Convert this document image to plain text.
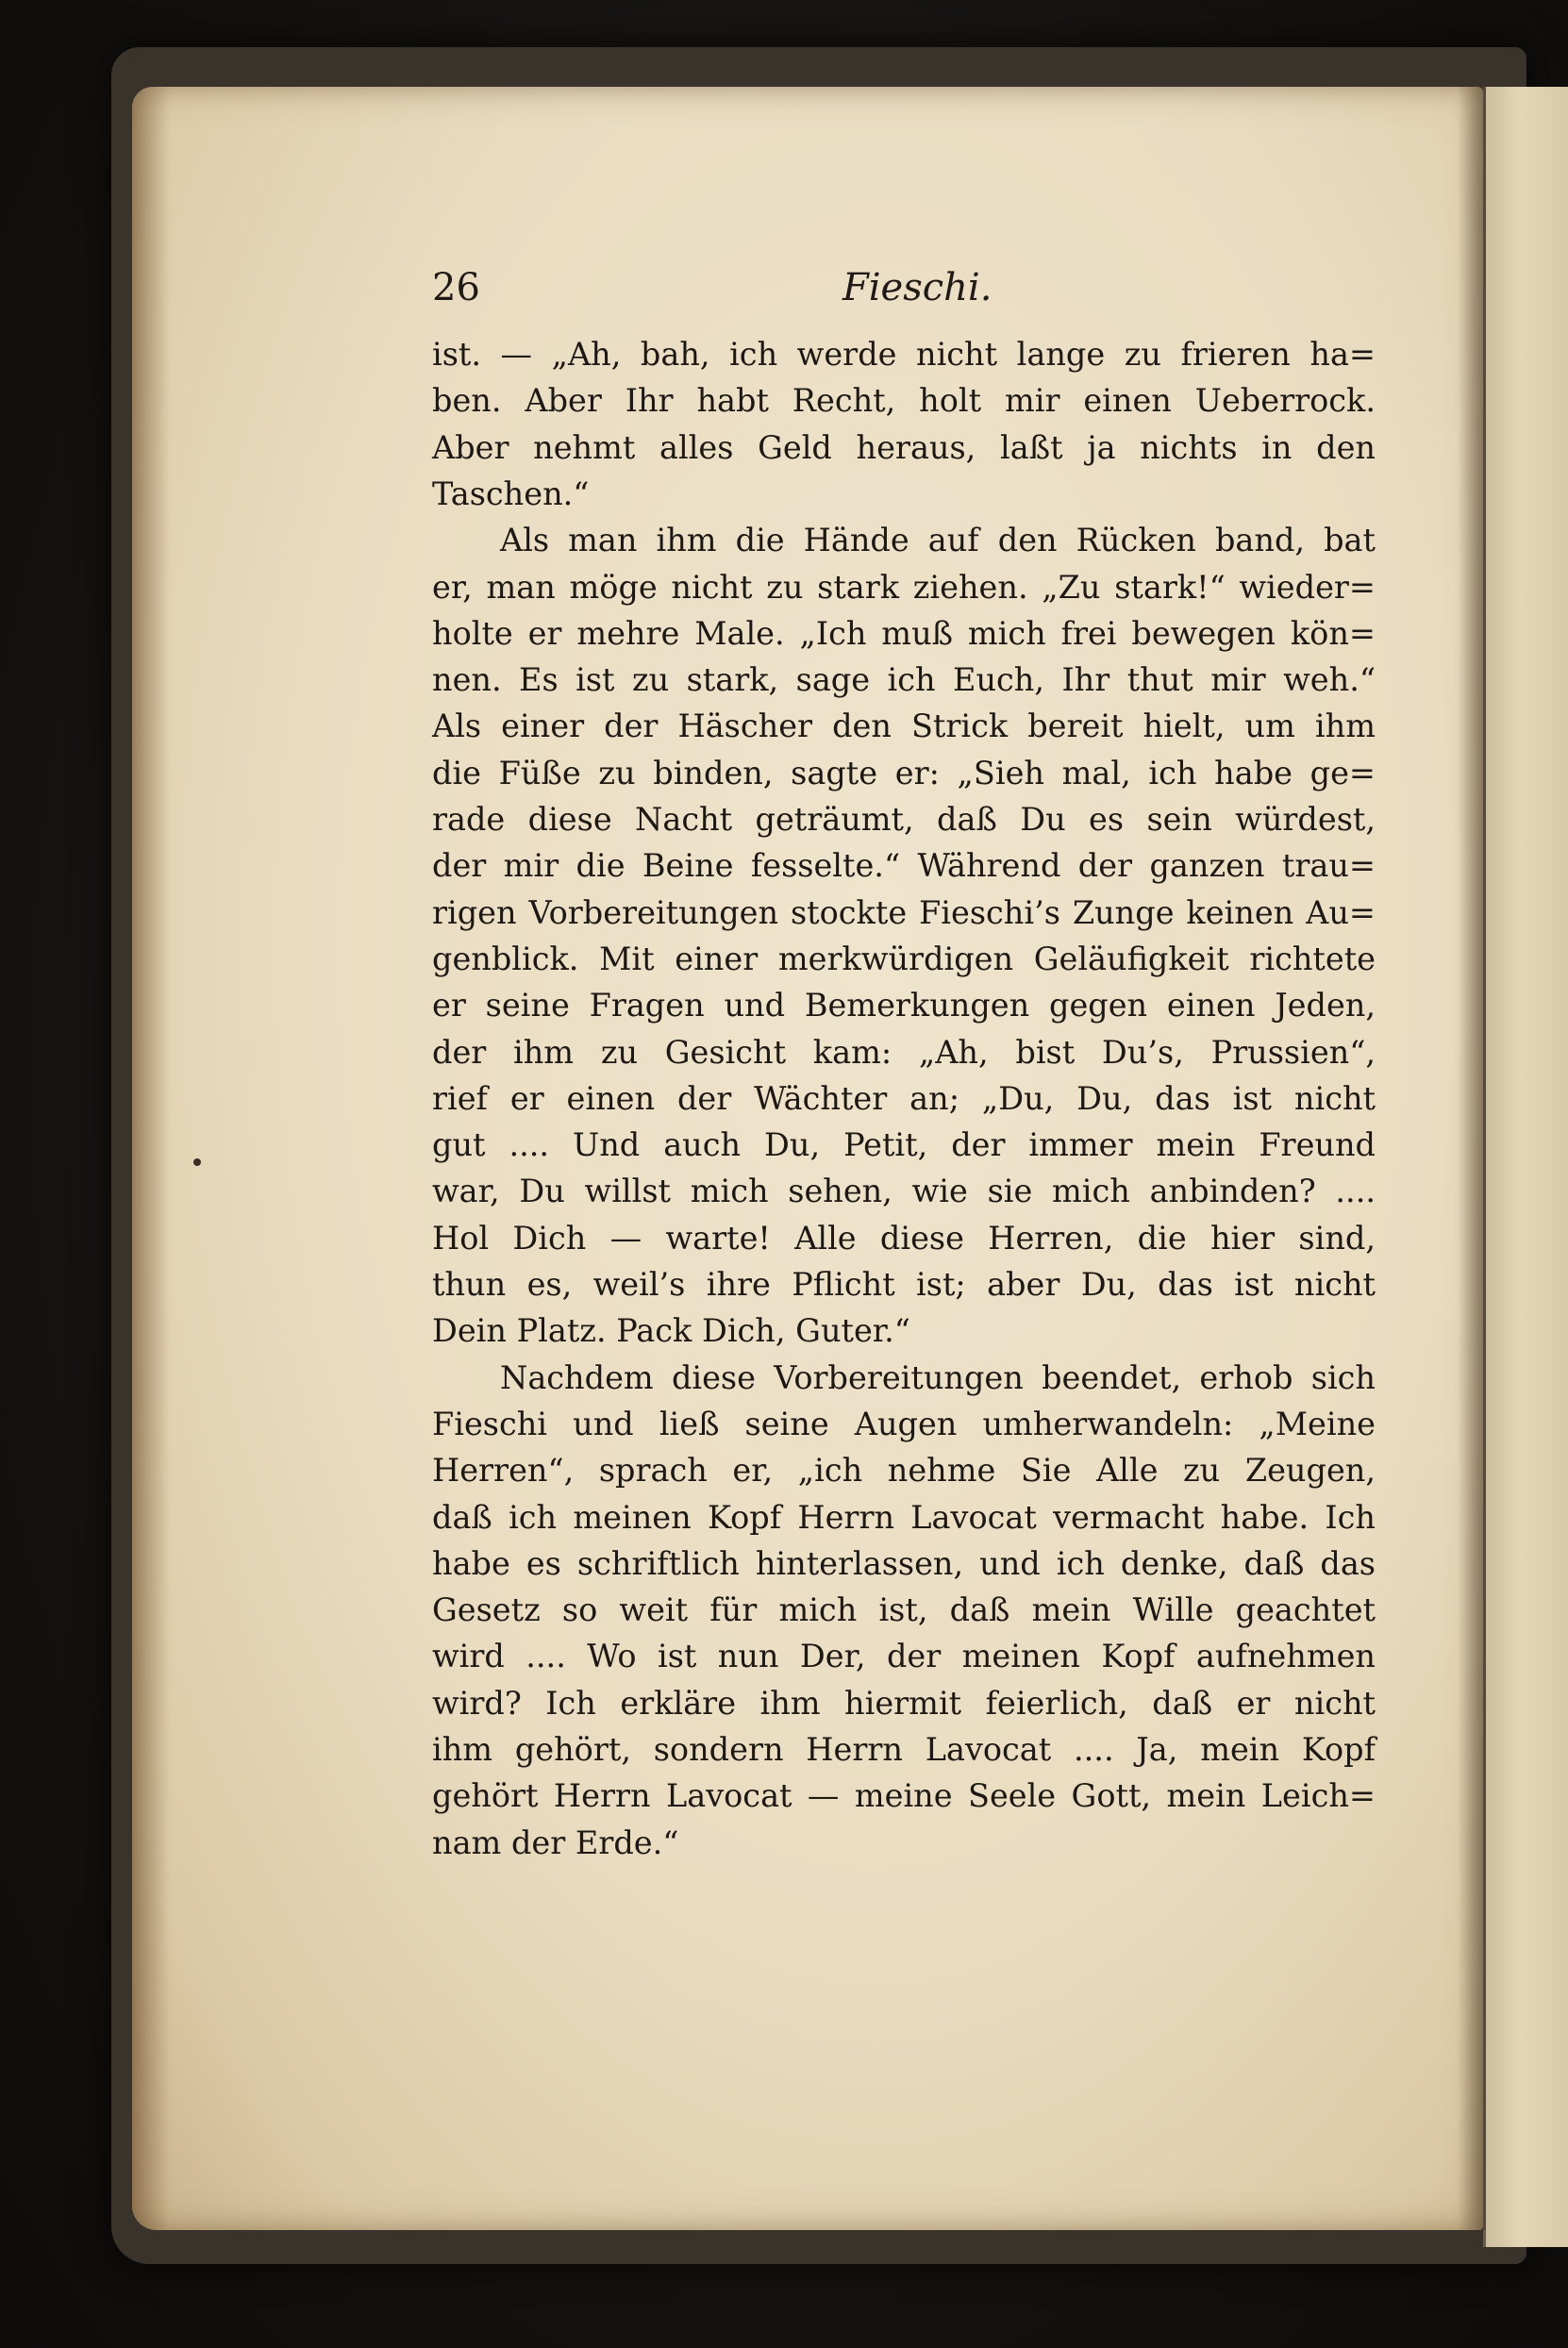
26	Fieschi.
ist. — „Ah, bah, ich werde nicht lange zu frieren ha=
ben. Aber Ihr habt Recht, holt mir einen Ueberrock.
Aber nehmt alles Geld heraus, laßt ja nichts in den
Taschen.“
Als man ihm die Hände auf den Rücken band, bat
er, man möge nicht zu stark ziehen. „Zu stark!“ wieder=
holte er mehre Male. „Ich muß mich frei bewegen kön=
nen. Es ist zu stark, sage ich Euch, Ihr thut mir weh.“
Als einer der Häscher den Strick bereit hielt, um ihm
die Füße zu binden, sagte er: „Sieh mal, ich habe ge=
rade diese Nacht geträumt, daß Du es sein würdest,
der mir die Beine fesselte.“ Während der ganzen trau=
rigen Vorbereitungen stockte Fieschi’s Zunge keinen Au=
genblick. Mit einer merkwürdigen Geläufigkeit richtete
er seine Fragen und Bemerkungen gegen einen Jeden,
der ihm zu Gesicht kam: „Ah, bist Du’s, Prussien“,
rief er einen der Wächter an; „Du, Du, das ist nicht
gut .... Und auch Du, Petit, der immer mein Freund
war, Du willst mich sehen, wie sie mich anbinden? ....
Hol Dich — warte! Alle diese Herren, die hier sind,
thun es, weil’s ihre Pflicht ist; aber Du, das ist nicht
Dein Platz. Pack Dich, Guter.“
Nachdem diese Vorbereitungen beendet, erhob sich
Fieschi und ließ seine Augen umherwandeln: „Meine
Herren“, sprach er, „ich nehme Sie Alle zu Zeugen,
daß ich meinen Kopf Herrn Lavocat vermacht habe. Ich
habe es schriftlich hinterlassen, und ich denke, daß das
Gesetz so weit für mich ist, daß mein Wille geachtet
wird .... Wo ist nun Der, der meinen Kopf aufnehmen
wird? Ich erkläre ihm hiermit feierlich, daß er nicht
ihm gehört, sondern Herrn Lavocat .... Ja, mein Kopf
gehört Herrn Lavocat — meine Seele Gott, mein Leich=
nam der Erde.“
